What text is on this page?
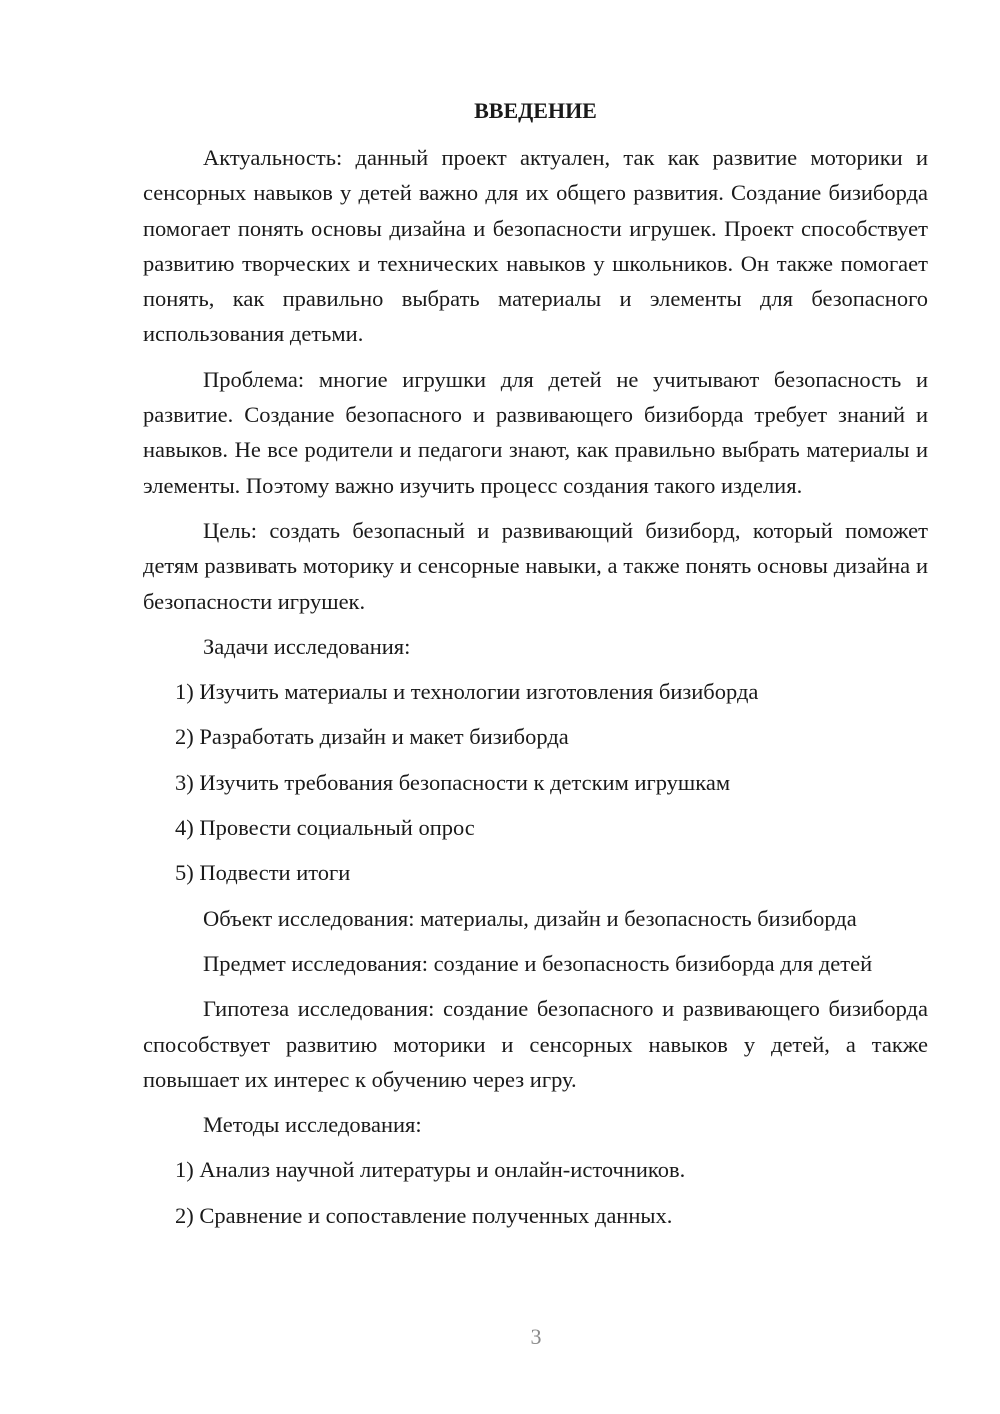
ВВЕДЕНИЕ

Актуальность: данный проект актуален, так как развитие моторики и сенсорных навыков у детей важно для их общего развития. Создание бизиборда помогает понять основы дизайна и безопасности игрушек. Проект способствует развитию творческих и технических навыков у школьников. Он также помогает понять, как правильно выбрать материалы и элементы для безопасного использования детьми.

Проблема: многие игрушки для детей не учитывают безопасность и развитие. Создание безопасного и развивающего бизиборда требует знаний и навыков. Не все родители и педагоги знают, как правильно выбрать материалы и элементы. Поэтому важно изучить процесс создания такого изделия.

Цель: создать безопасный и развивающий бизиборд, который поможет детям развивать моторику и сенсорные навыки, а также понять основы дизайна и безопасности игрушек.

Задачи исследования:

1) Изучить материалы и технологии изготовления бизиборда
2) Разработать дизайн и макет бизиборда
3) Изучить требования безопасности к детским игрушкам
4) Провести социальный опрос
5) Подвести итоги

Объект исследования: материалы, дизайн и безопасность бизиборда

Предмет исследования: создание и безопасность бизиборда для детей

Гипотеза исследования: создание безопасного и развивающего бизиборда способствует развитию моторики и сенсорных навыков у детей, а также повышает их интерес к обучению через игру.

Методы исследования:

1) Анализ научной литературы и онлайн-источников.
2) Сравнение и сопоставление полученных данных.
3
